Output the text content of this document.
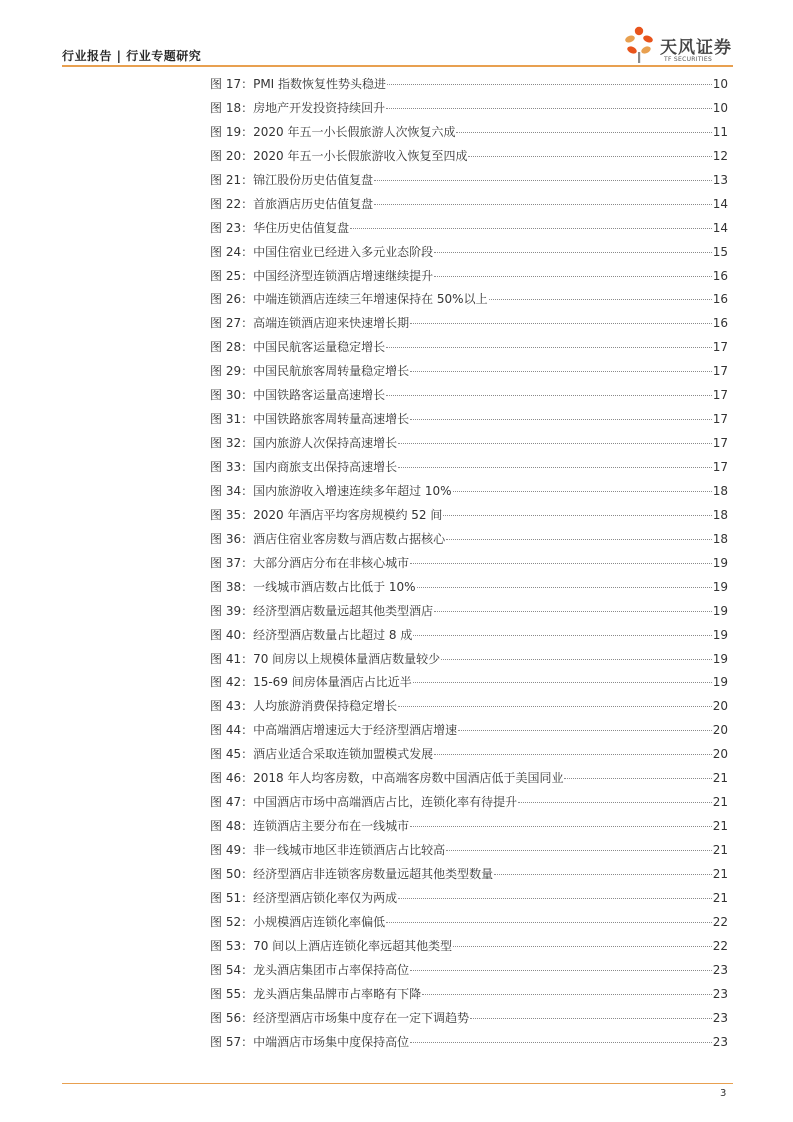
行业报告 | 行业专题研究	天风证券
TF SECURITIES
图 17：PMI 指数恢复性势头稳进	10
图 18：房地产开发投资持续回升	10
图 19：2020 年五一小长假旅游人次恢复六成	11
图 20：2020 年五一小长假旅游收入恢复至四成	12
图 21：锦江股份历史估值复盘	13
图 22：首旅酒店历史估值复盘	14
图 23：华住历史估值复盘	14
图 24：中国住宿业已经进入多元业态阶段	15
图 25：中国经济型连锁酒店增速继续提升	16
图 26：中端连锁酒店连续三年增速保持在 50%以上	16
图 27：高端连锁酒店迎来快速增长期	16
图 28：中国民航客运量稳定增长	17
图 29：中国民航旅客周转量稳定增长	17
图 30：中国铁路客运量高速增长	17
图 31：中国铁路旅客周转量高速增长	17
图 32：国内旅游人次保持高速增长	17
图 33：国内商旅支出保持高速增长	17
图 34：国内旅游收入增速连续多年超过 10%	18
图 35：2020 年酒店平均客房规模约 52 间	18
图 36：酒店住宿业客房数与酒店数占据核心	18
图 37：大部分酒店分布在非核心城市	19
图 38：一线城市酒店数占比低于 10%	19
图 39：经济型酒店数量远超其他类型酒店	19
图 40：经济型酒店数量占比超过 8 成	19
图 41：70 间房以上规模体量酒店数量较少	19
图 42：15-69 间房体量酒店占比近半	19
图 43：人均旅游消费保持稳定增长	20
图 44：中高端酒店增速远大于经济型酒店增速	20
图 45：酒店业适合采取连锁加盟模式发展	20
图 46：2018 年人均客房数，中高端客房数中国酒店低于美国同业	21
图 47：中国酒店市场中高端酒店占比，连锁化率有待提升	21
图 48：连锁酒店主要分布在一线城市	21
图 49：非一线城市地区非连锁酒店占比较高	21
图 50：经济型酒店非连锁客房数量远超其他类型数量	21
图 51：经济型酒店锁化率仅为两成	21
图 52：小规模酒店连锁化率偏低	22
图 53：70 间以上酒店连锁化率远超其他类型	22
图 54：龙头酒店集团市占率保持高位	23
图 55：龙头酒店集品牌市占率略有下降	23
图 56：经济型酒店市场集中度存在一定下调趋势	23
图 57：中端酒店市场集中度保持高位	23
3
